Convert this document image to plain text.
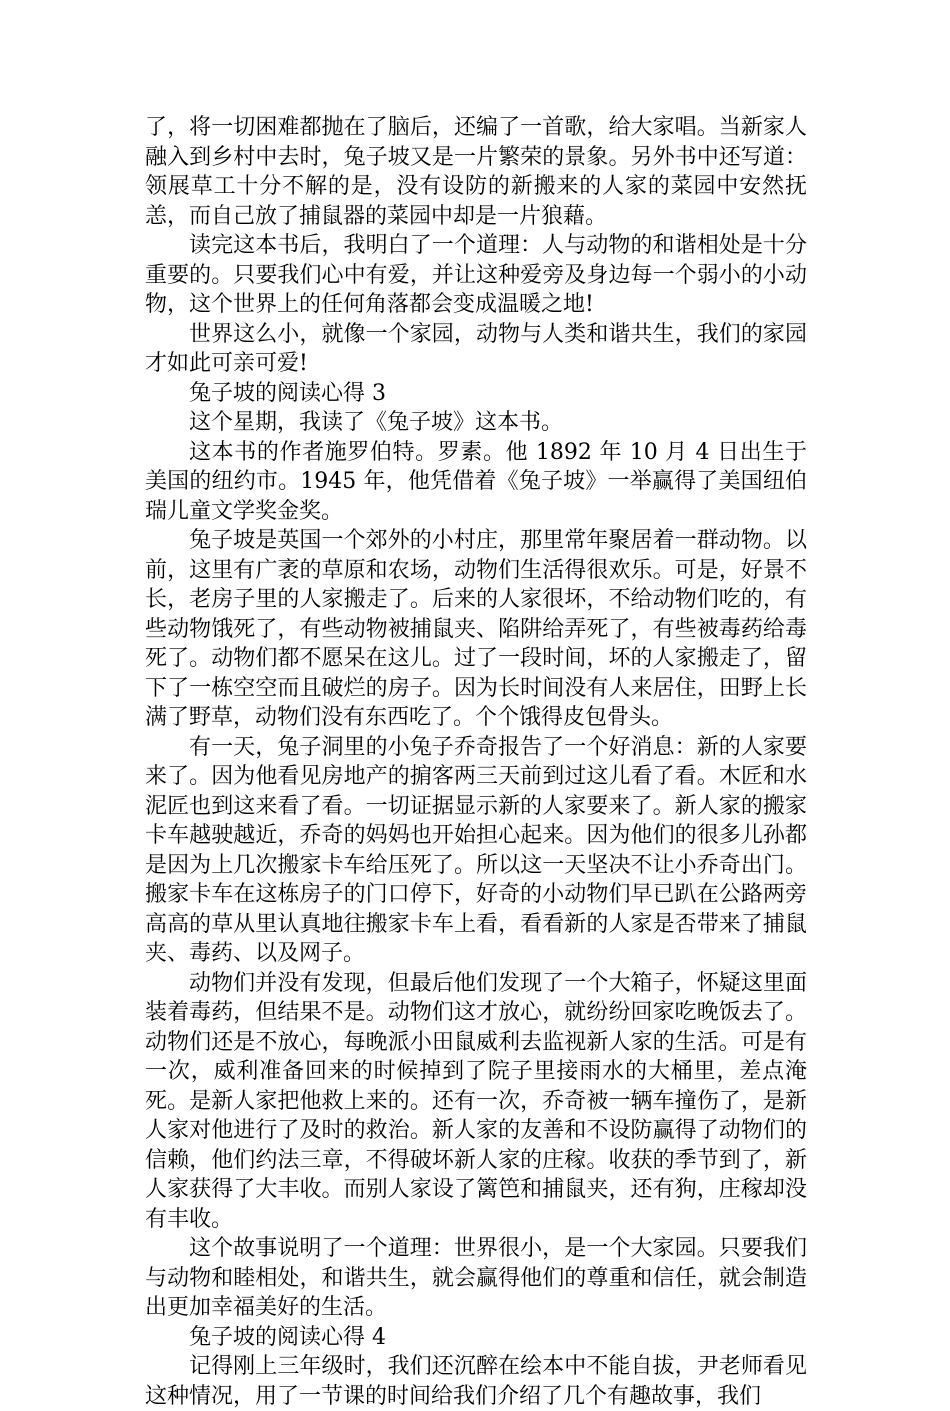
了，将一切困难都抛在了脑后，还编了一首歌，给大家唱。当新家人融入到乡村中去时，兔子坡又是一片繁荣的景象。另外书中还写道：领展草工十分不解的是，没有设防的新搬来的人家的菜园中安然抚恙，而自己放了捕鼠器的菜园中却是一片狼藉。

读完这本书后，我明白了一个道理：人与动物的和谐相处是十分重要的。只要我们心中有爱，并让这种爱旁及身边每一个弱小的小动物，这个世界上的任何角落都会变成温暖之地!

世界这么小，就像一个家园，动物与人类和谐共生，我们的家园才如此可亲可爱!

兔子坡的阅读心得 3

这个星期，我读了《兔子坡》这本书。

这本书的作者施罗伯特。罗素。他 1892 年 10 月 4 日出生于美国的纽约市。1945 年，他凭借着《兔子坡》一举赢得了美国纽伯瑞儿童文学奖金奖。

兔子坡是英国一个郊外的小村庄，那里常年聚居着一群动物。以前，这里有广袤的草原和农场，动物们生活得很欢乐。可是，好景不长，老房子里的人家搬走了。后来的人家很坏，不给动物们吃的，有些动物饿死了，有些动物被捕鼠夹、陷阱给弄死了，有些被毒药给毒死了。动物们都不愿呆在这儿。过了一段时间，坏的人家搬走了，留下了一栋空空而且破烂的房子。因为长时间没有人来居住，田野上长满了野草，动物们没有东西吃了。个个饿得皮包骨头。

有一天，兔子洞里的小兔子乔奇报告了一个好消息：新的人家要来了。因为他看见房地产的掮客两三天前到过这儿看了看。木匠和水泥匠也到这来看了看。一切证据显示新的人家要来了。新人家的搬家卡车越驶越近，乔奇的妈妈也开始担心起来。因为他们的很多儿孙都是因为上几次搬家卡车给压死了。所以这一天坚决不让小乔奇出门。搬家卡车在这栋房子的门口停下，好奇的小动物们早已趴在公路两旁高高的草从里认真地往搬家卡车上看，看看新的人家是否带来了捕鼠夹、毒药、以及网子。

动物们并没有发现，但最后他们发现了一个大箱子，怀疑这里面装着毒药，但结果不是。动物们这才放心，就纷纷回家吃晚饭去了。动物们还是不放心，每晚派小田鼠威利去监视新人家的生活。可是有一次，威利准备回来的时候掉到了院子里接雨水的大桶里，差点淹死。是新人家把他救上来的。还有一次，乔奇被一辆车撞伤了，是新人家对他进行了及时的救治。新人家的友善和不设防赢得了动物们的信赖，他们约法三章，不得破坏新人家的庄稼。收获的季节到了，新人家获得了大丰收。而别人家设了篱笆和捕鼠夹，还有狗，庄稼却没有丰收。

这个故事说明了一个道理：世界很小，是一个大家园。只要我们与动物和睦相处，和谐共生，就会赢得他们的尊重和信任，就会制造出更加幸福美好的生活。

兔子坡的阅读心得 4

记得刚上三年级时，我们还沉醉在绘本中不能自拔，尹老师看见这种情况，用了一节课的时间给我们介绍了几个有趣故事，我们
